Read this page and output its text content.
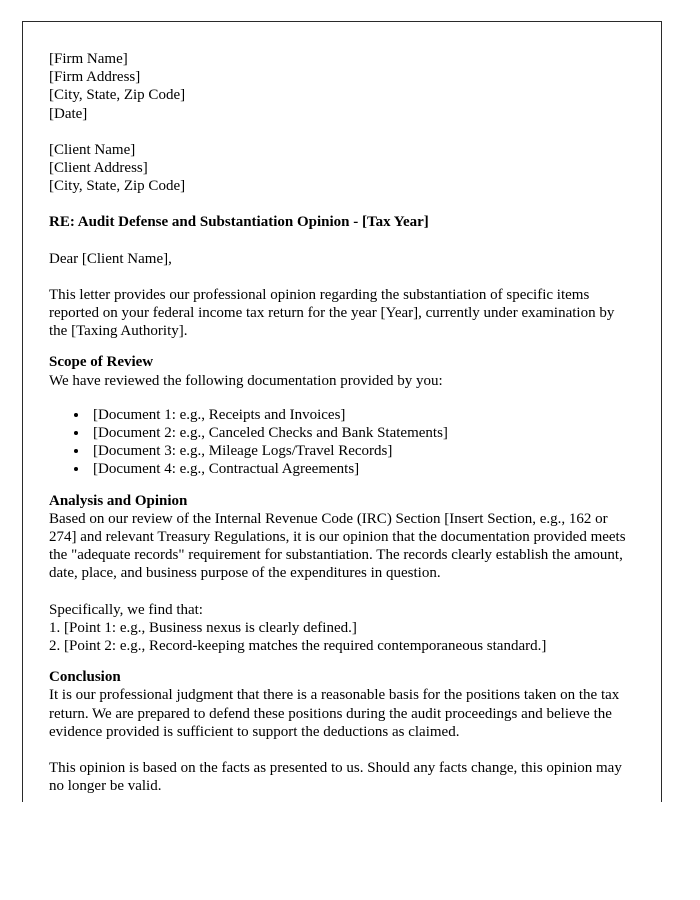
[Firm Name]
[Firm Address]
[City, State, Zip Code]
[Date]
[Client Name]
[Client Address]
[City, State, Zip Code]
RE: Audit Defense and Substantiation Opinion - [Tax Year]
Dear [Client Name],
This letter provides our professional opinion regarding the substantiation of specific items reported on your federal income tax return for the year [Year], currently under examination by the [Taxing Authority].
Scope of Review
We have reviewed the following documentation provided by you:
• [Document 1: e.g., Receipts and Invoices]
• [Document 2: e.g., Canceled Checks and Bank Statements]
• [Document 3: e.g., Mileage Logs/Travel Records]
• [Document 4: e.g., Contractual Agreements]
Analysis and Opinion
Based on our review of the Internal Revenue Code (IRC) Section [Insert Section, e.g., 162 or 274] and relevant Treasury Regulations, it is our opinion that the documentation provided meets the "adequate records" requirement for substantiation. The records clearly establish the amount, date, place, and business purpose of the expenditures in question.
Specifically, we find that:
1. [Point 1: e.g., Business nexus is clearly defined.]
2. [Point 2: e.g., Record-keeping matches the required contemporaneous standard.]
Conclusion
It is our professional judgment that there is a reasonable basis for the positions taken on the tax return. We are prepared to defend these positions during the audit proceedings and believe the evidence provided is sufficient to support the deductions as claimed.
This opinion is based on the facts as presented to us. Should any facts change, this opinion may no longer be valid.
